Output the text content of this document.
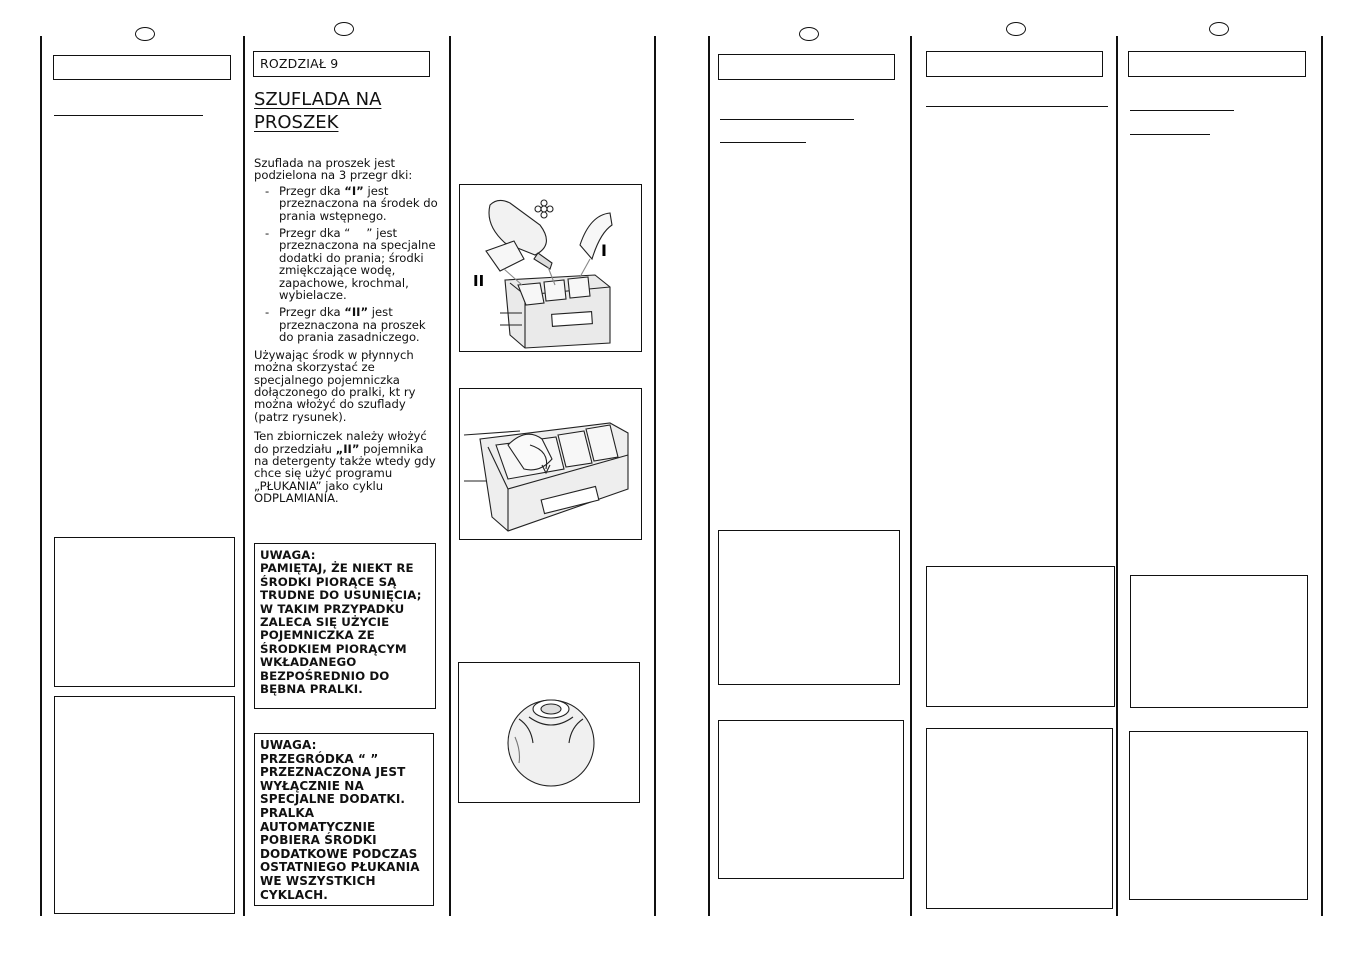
ROZDZIAŁ 9
SZUFLADA NA
PROSZEK

Szuflada na proszek jest podzielona na 3 przegr dki:

- Przegr dka “I” jest przeznaczona na środek do prania wstępnego.
- Przegr dka “ ” jest przeznaczona na specjalne dodatki do prania; środki zmiękczające wodę, zapachowe, krochmal, wybielacze.
- Przegr dka “II” jest przeznaczona na proszek do prania zasadniczego.

Używając środk w płynnych można skorzystać ze specjalnego pojemniczka dołączonego do pralki, kt ry można włożyć do szuflady (patrz rysunek).

Ten zbiorniczek należy włożyć do przedziału „II” pojemnika na detergenty także wtedy gdy chce się użyć programu „PŁUKANIA” jako cyklu ODPLAMIANIA.

UWAGA:
PAMIĘTAJ, ŻE NIEKT RE ŚRODKI PIORĄCE SĄ TRUDNE DO USUNIĘCIA; W TAKIM PRZYPADKU ZALECA SIĘ UŻYCIE POJEMNICZKA ZE ŚRODKIEM PIORĄCYM WKŁADANEGO BEZPOŚREDNIO DO BĘBNA PRALKI.
UWAGA:
PRZEGRÓDKA “ ” PRZEZNACZONA JEST WYŁĄCZNIE NA SPECJALNE DODATKI. PRALKA AUTOMATYCZNIE POBIERA ŚRODKI DODATKOWE PODCZAS OSTATNIEGO PŁUKANIA WE WSZYSTKICH CYKLACH.
I
II
